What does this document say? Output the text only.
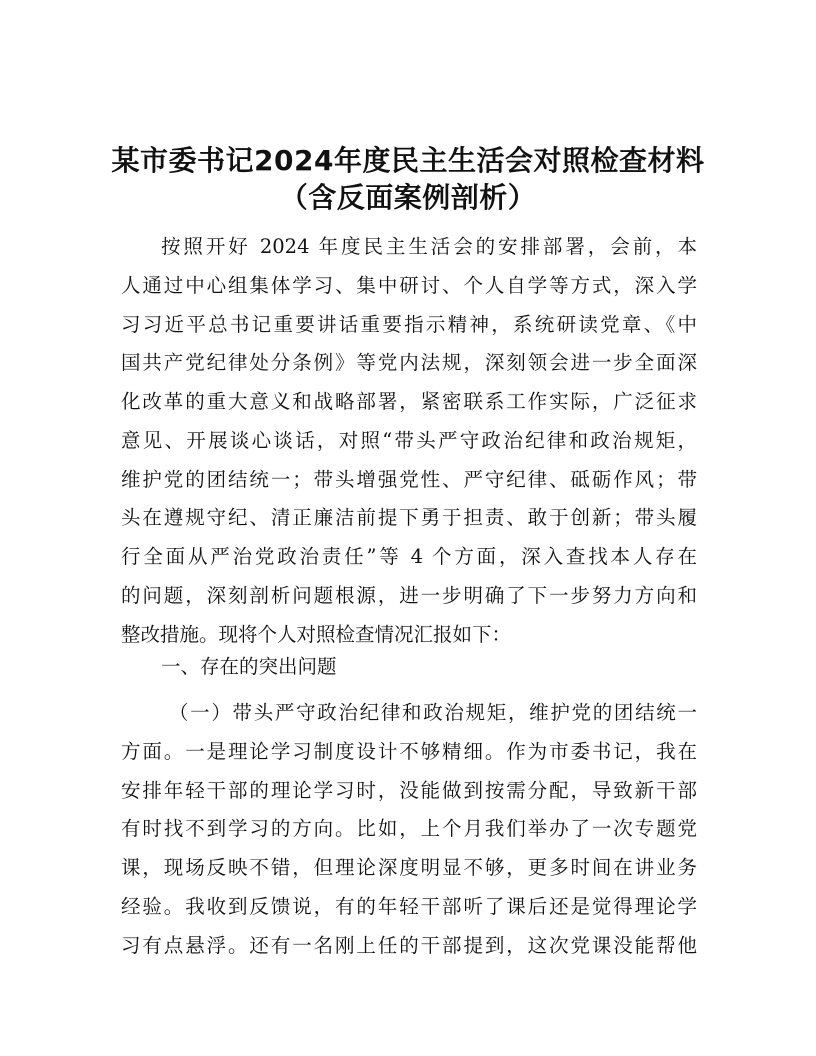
某市委书记2024年度民主生活会对照检查材料
（含反面案例剖析）
按照开好 2024 年度民主生活会的安排部署，会前，本
人通过中心组集体学习、集中研讨、个人自学等方式，深入学
习习近平总书记重要讲话重要指示精神，系统研读党章、《中
国共产党纪律处分条例》等党内法规，深刻领会进一步全面深
化改革的重大意义和战略部署，紧密联系工作实际，广泛征求
意见、开展谈心谈话，对照“带头严守政治纪律和政治规矩，
维护党的团结统一；带头增强党性、严守纪律、砥砺作风；带
头在遵规守纪、清正廉洁前提下勇于担责、敢于创新；带头履
行全面从严治党政治责任”等 4 个方面，深入查找本人存在
的问题，深刻剖析问题根源，进一步明确了下一步努力方向和
整改措施。现将个人对照检查情况汇报如下：

一、存在的突出问题

（一）带头严守政治纪律和政治规矩，维护党的团结统一
方面。一是理论学习制度设计不够精细。作为市委书记，我在
安排年轻干部的理论学习时，没能做到按需分配，导致新干部
有时找不到学习的方向。比如，上个月我们举办了一次专题党
课，现场反映不错，但理论深度明显不够，更多时间在讲业务
经验。我收到反馈说，有的年轻干部听了课后还是觉得理论学
习有点悬浮。还有一名刚上任的干部提到，这次党课没能帮他
